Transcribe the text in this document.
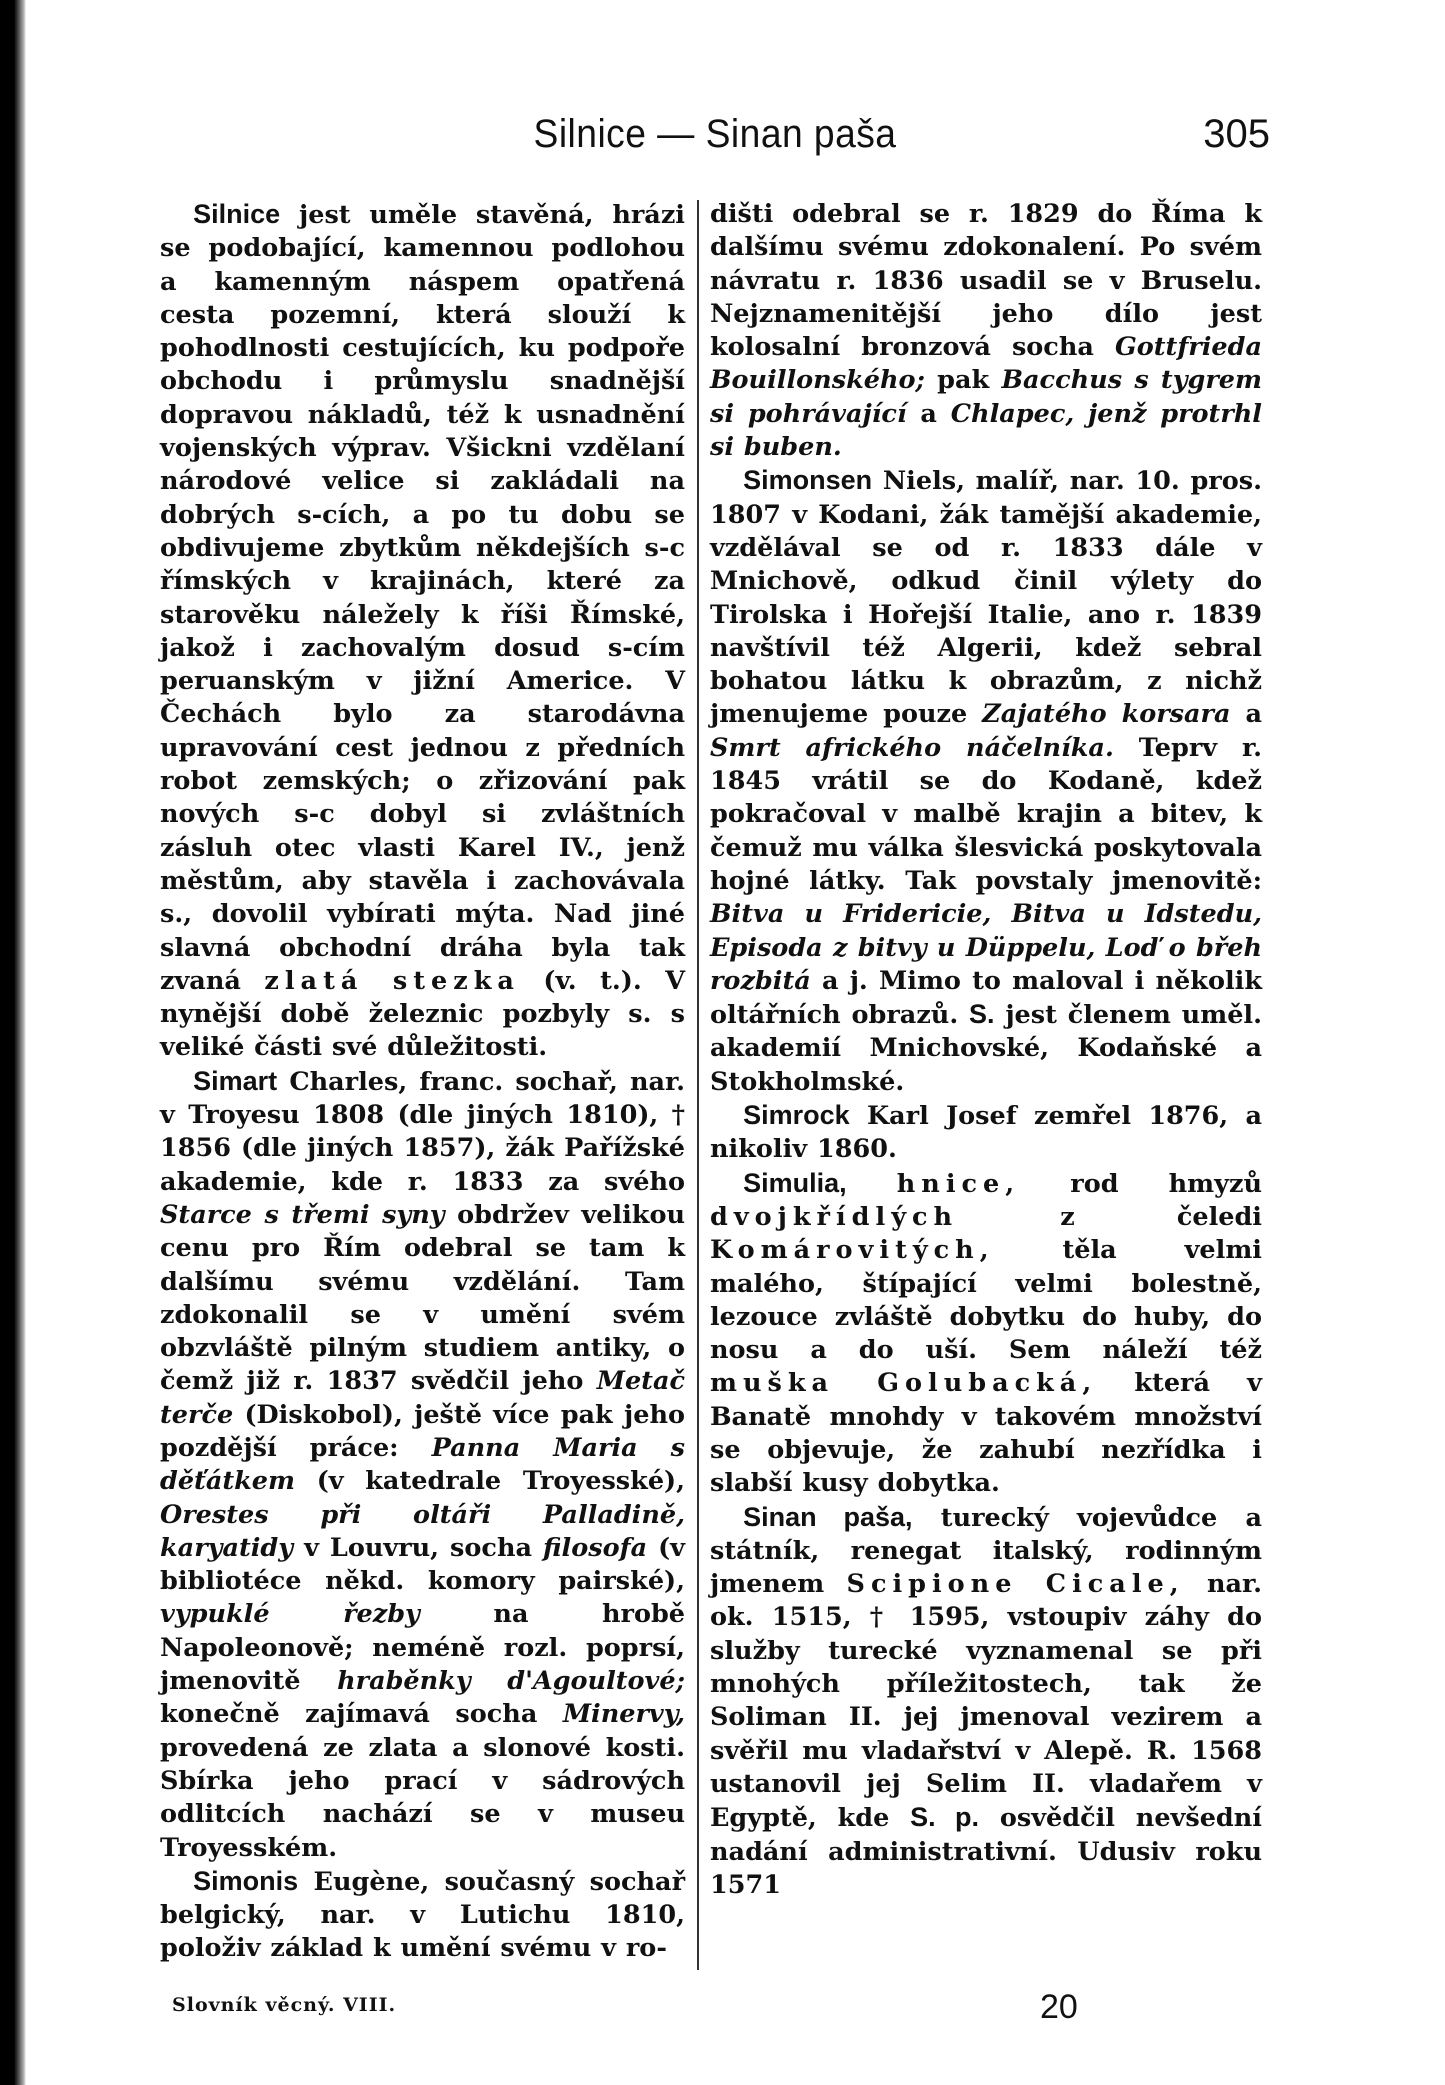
Silnice — Sinan paša	305

Silnice jest uměle stavěná, hrázi se podobající, kamennou podlohou a kamenným náspem opatřená cesta pozemní, která slouží k pohodlnosti cestujících, ku podpoře obchodu i průmyslu snadnější dopravou nákladů, též k usnadnění vojenských výprav. Všickni vzdělaní národové velice si zakládali na dobrých s-cích, a po tu dobu se obdivujeme zbytkům někdejších s-c římských v krajinách, které za starověku náležely k říši Římské, jakož i zachovalým dosud s-cím peruanským v jižní Americe. V Čechách bylo za starodávna upravování cest jednou z předních robot zemských; o zřizování pak nových s-c dobyl si zvláštních zásluh otec vlasti Karel IV., jenž městům, aby stavěla i zachovávala s., dovolil vybírati mýta. Nad jiné slavná obchodní dráha byla tak zvaná zlatá stezka (v. t.). V nynější době železnic pozbyly s. s veliké části své důležitosti.

Simart Charles, franc. sochař, nar. v Troyesu 1808 (dle jiných 1810), † 1856 (dle jiných 1857), žák Pařížské akademie, kde r. 1833 za svého Starce s třemi syny obdržev velikou cenu pro Řím odebral se tam k dalšímu svému vzdělání. Tam zdokonalil se v umění svém obzvláště pilným studiem antiky, o čemž již r. 1837 svědčil jeho Metač terče (Diskobol), ještě více pak jeho pozdější práce: Panna Maria s děťátkem (v katedrale Troyesské), Orestes při oltáři Palladině, karyatidy v Louvru, socha filosofa (v bibliotéce někd. komory pairské), vypuklé řezby na hrobě Napoleonově; neméně rozl. poprsí, jmenovitě hraběnky d'Agoultové; konečně zajímavá socha Minervy, provedená ze zlata a slonové kosti. Sbírka jeho prací v sádrových odlitcích nachází se v museu Troyesském.

Simonis Eugène, současný sochař belgický, nar. v Lutichu 1810, položiv základ k umění svému v ro-

dišti odebral se r. 1829 do Říma k dalšímu svému zdokonalení. Po svém návratu r. 1836 usadil se v Bruselu. Nejznamenitější jeho dílo jest kolosalní bronzová socha Gottfrieda Bouillonského; pak Bacchus s tygrem si pohrávající a Chlapec, jenž protrhl si buben.

Simonsen Niels, malíř, nar. 10. pros. 1807 v Kodani, žák tamější akademie, vzdělával se od r. 1833 dále v Mnichově, odkud činil výlety do Tirolska i Hořejší Italie, ano r. 1839 navštívil též Algerii, kdež sebral bohatou látku k obrazům, z nichž jmenujeme pouze Zajatého korsara a Smrt afrického náčelníka. Teprv r. 1845 vrátil se do Kodaně, kdež pokračoval v malbě krajin a bitev, k čemuž mu válka šlesvická poskytovala hojné látky. Tak povstaly jmenovitě: Bitva u Fridericie, Bitva u Idstedu, Episoda z bitvy u Düppelu, Loď o břeh rozbitá a j. Mimo to maloval i několik oltářních obrazů. S. jest členem uměl. akademií Mnichovské, Kodaňské a Stokholmské.

Simrock Karl Josef zemřel 1876, a nikoliv 1860.

Simulia, hnice, rod hmyzů dvojkřídlých z čeledi Komárovitých, těla velmi malého, štípající velmi bolestně, lezouce zvláště dobytku do huby, do nosu a do uší. Sem náleží též muška Golubacká, která v Banatě mnohdy v takovém množství se objevuje, že zahubí nezřídka i slabší kusy dobytka.

Sinan paša, turecký vojevůdce a státník, renegat italský, rodinným jmenem Scipione Cicale, nar. ok. 1515, † 1595, vstoupiv záhy do služby turecké vyznamenal se při mnohých příležitostech, tak že Soliman II. jej jmenoval vezirem a svěřil mu vladařství v Alepě. R. 1568 ustanovil jej Selim II. vladařem v Egyptě, kde S. p. osvědčil nevšední nadání administrativní. Udusiv roku 1571

Slovník věcný. VIII.	20
